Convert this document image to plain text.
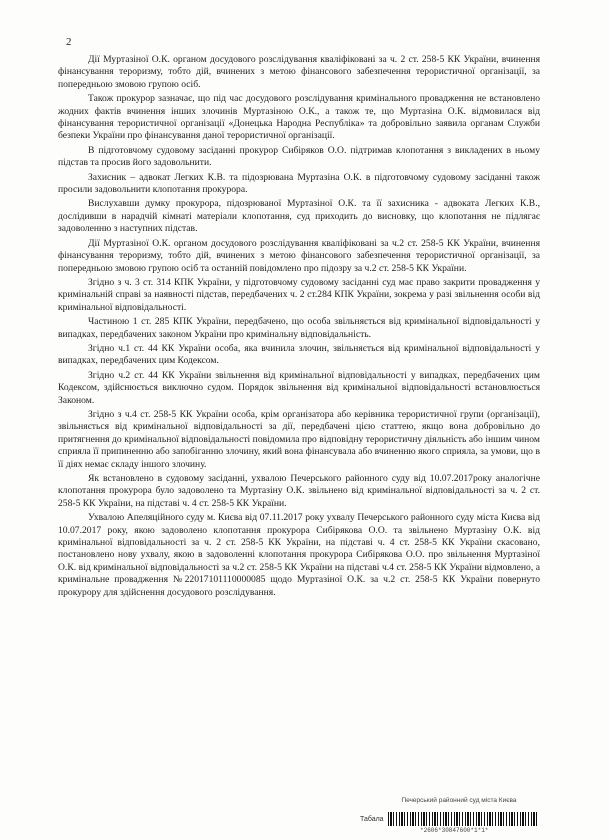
2

Дії Муртазіної О.К. органом досудового розслідування кваліфіковані за ч. 2 ст. 258-5 КК України, вчинення фінансування тероризму, тобто дій, вчинених з метою фінансового забезпечення терористичної організації, за попередньою змовою групою осіб.

Також прокурор зазначає, що під час досудового розслідування кримінального провадження не встановлено жодних фактів вчинення інших злочинів Муртазіною О.К., а також те, що Муртазіна О.К. відмовилася від фінансування терористичної організації «Донецька Народна Республіка» та добровільно заявила органам Служби безпеки України про фінансування даної терористичної організації.

В підготовчому судовому засіданні прокурор Сибіряков О.О. підтримав клопотання з викладених в ньому підстав та просив його задовольнити.

Захисник – адвокат Легких К.В. та підозрювана Муртазіна О.К. в підготовчому судовому засіданні також просили задовольнити клопотання прокурора.

Вислухавши думку прокурора, підозрюваної Муртазіної О.К. та її захисника - адвоката Легких К.В., дослідивши в нарадчій кімнаті матеріали клопотання, суд приходить до висновку, що клопотання не підлягає задоволенню з наступних підстав.

Дії Муртазіної О.К. органом досудового розслідування кваліфіковані за ч.2 ст. 258-5 КК України, вчинення фінансування тероризму, тобто дій, вчинених з метою фінансового забезпечення терористичної організації, за попередньою змовою групою осіб та останній повідомлено про підозру за ч.2 ст. 258-5 КК України.

Згідно з ч. 3 ст. 314 КПК України, у підготовчому судовому засіданні суд має право закрити провадження у кримінальній справі за наявності підстав, передбачених ч. 2 ст.284 КПК України, зокрема у разі звільнення особи від кримінальної відповідальності.

Частиною 1 ст. 285 КПК України, передбачено, що особа звільняється від кримінальної відповідальності у випадках, передбачених законом України про кримінальну відповідальність.

Згідно ч.1 ст. 44 КК України особа, яка вчинила злочин, звільняється від кримінальної відповідальності у випадках, передбачених цим Кодексом.

Згідно ч.2 ст. 44 КК України звільнення від кримінальної відповідальності у випадках, передбачених цим Кодексом, здійснюється виключно судом. Порядок звільнення від кримінальної відповідальності встановлюється Законом.

Згідно з ч.4 ст. 258-5 КК України особа, крім організатора або керівника терористичної групи (організації), звільняється від кримінальної відповідальності за дії, передбачені цією статтею, якщо вона добровільно до притягнення до кримінальної відповідальності повідомила про відповідну терористичну діяльність або іншим чином сприяла її припиненню або запобіганню злочину, який вона фінансувала або вчиненню якого сприяла, за умови, що в її діях немає складу іншого злочину.

Як встановлено в судовому засіданні, ухвалою Печерського районного суду від 10.07.2017року аналогічне клопотання прокурора було задоволено та Муртазіну О.К. звільнено від кримінальної відповідальності за ч. 2 ст. 258-5 КК України, на підставі ч. 4 ст. 258-5 КК України.

Ухвалою Апеляційного суду м. Києва від 07.11.2017 року ухвалу Печерського районного суду міста Києва від 10.07.2017 року, якою задоволено клопотання прокурора Сибірякова О.О. та звільнено Муртазіну О.К. від кримінальної відповідальності за ч. 2 ст. 258-5 КК України, на підставі ч. 4 ст. 258-5 КК України скасовано, постановлено нову ухвалу, якою в задоволенні клопотання прокурора Сибірякова О.О. про звільнення Муртазіної О.К. від кримінальної відповідальності за ч.2 ст. 258-5 КК України на підставі ч.4 ст. 258-5 КК України відмовлено, а кримінальне провадження №22017101110000085 щодо Муртазіної О.К. за ч.2 ст. 258-5 КК України повернуто прокурору для здійснення досудового розслідування.

Печерський районний суд міста Києва
Табала
*2606*30847600*1*1*
